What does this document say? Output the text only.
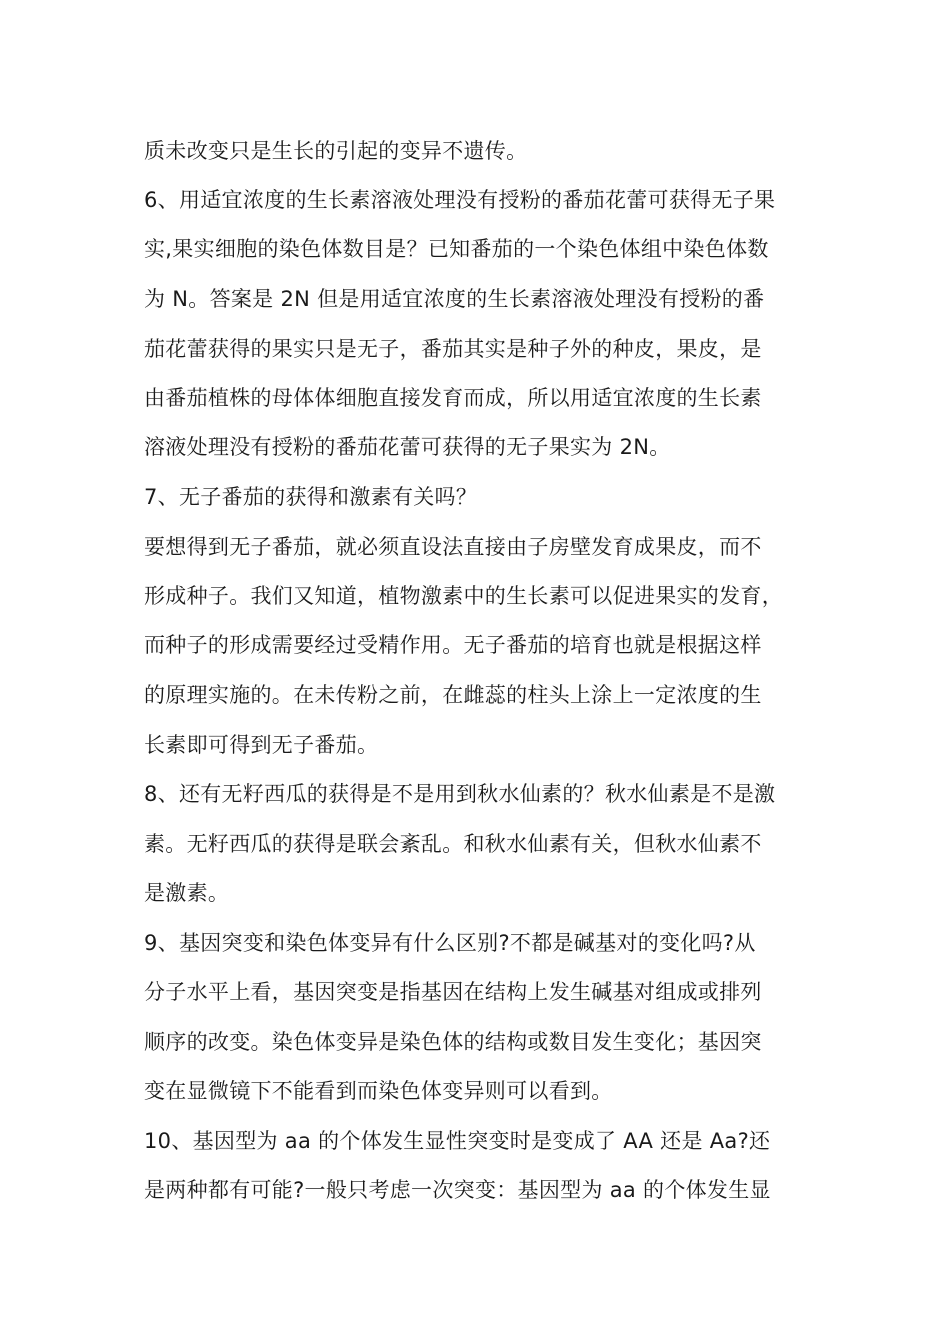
质未改变只是生长的引起的变异不遗传。
6、用适宜浓度的生长素溶液处理没有授粉的番茄花蕾可获得无子果
实,果实细胞的染色体数目是？已知番茄的一个染色体组中染色体数
为 N。答案是 2N 但是用适宜浓度的生长素溶液处理没有授粉的番
茄花蕾获得的果实只是无子，番茄其实是种子外的种皮，果皮，是
由番茄植株的母体体细胞直接发育而成，所以用适宜浓度的生长素
溶液处理没有授粉的番茄花蕾可获得的无子果实为 2N。
7、无子番茄的获得和激素有关吗？
要想得到无子番茄，就必须直设法直接由子房壁发育成果皮，而不
形成种子。我们又知道，植物激素中的生长素可以促进果实的发育，
而种子的形成需要经过受精作用。无子番茄的培育也就是根据这样
的原理实施的。在未传粉之前，在雌蕊的柱头上涂上一定浓度的生
长素即可得到无子番茄。
8、还有无籽西瓜的获得是不是用到秋水仙素的？秋水仙素是不是激
素。无籽西瓜的获得是联会紊乱。和秋水仙素有关，但秋水仙素不
是激素。
9、基因突变和染色体变异有什么区别?不都是碱基对的变化吗?从
分子水平上看，基因突变是指基因在结构上发生碱基对组成或排列
顺序的改变。染色体变异是染色体的结构或数目发生变化；基因突
变在显微镜下不能看到而染色体变异则可以看到。
10、基因型为 aa 的个体发生显性突变时是变成了 AA 还是 Aa?还
是两种都有可能?一般只考虑一次突变：基因型为 aa 的个体发生显
